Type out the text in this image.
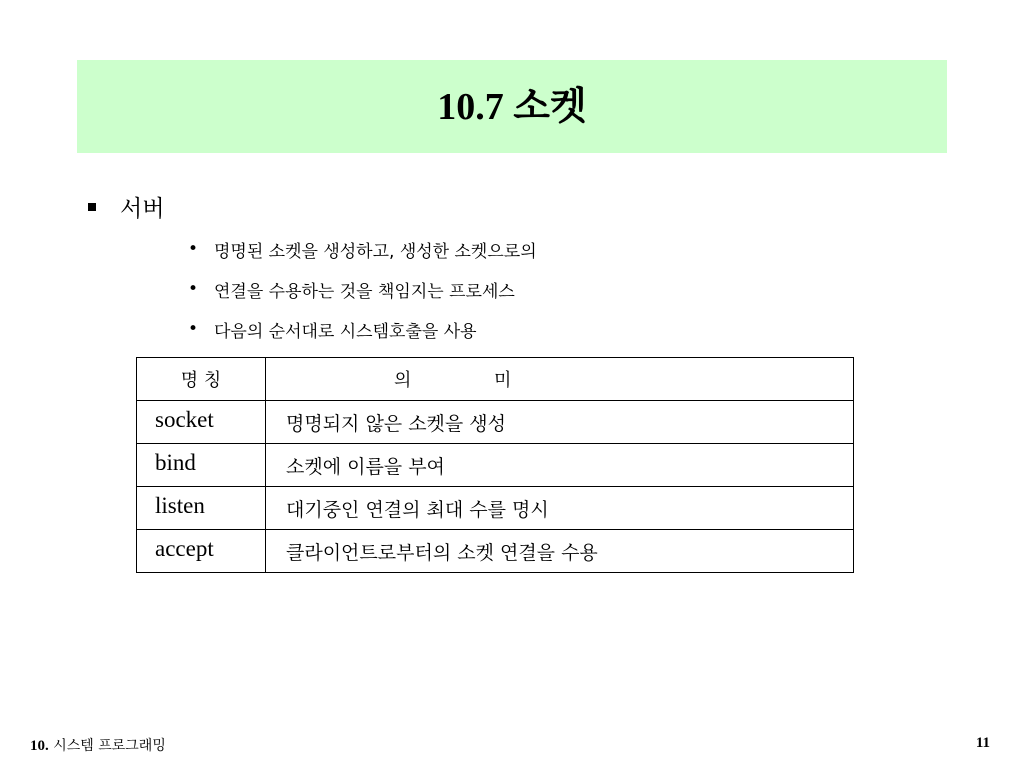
10.7 소켓
서버
• 명명된 소켓을 생성하고, 생성한 소켓으로의
• 연결을 수용하는 것을 책임지는 프로세스
• 다음의 순서대로 시스템호출을 사용
명 칭	의 미

socket	명명되지 않은 소켓을 생성
bind	소켓에 이름을 부여
listen	대기중인 연결의 최대 수를 명시
accept	클라이언트로부터의 소켓 연결을 수용
10. 시스템 프로그래밍	11
